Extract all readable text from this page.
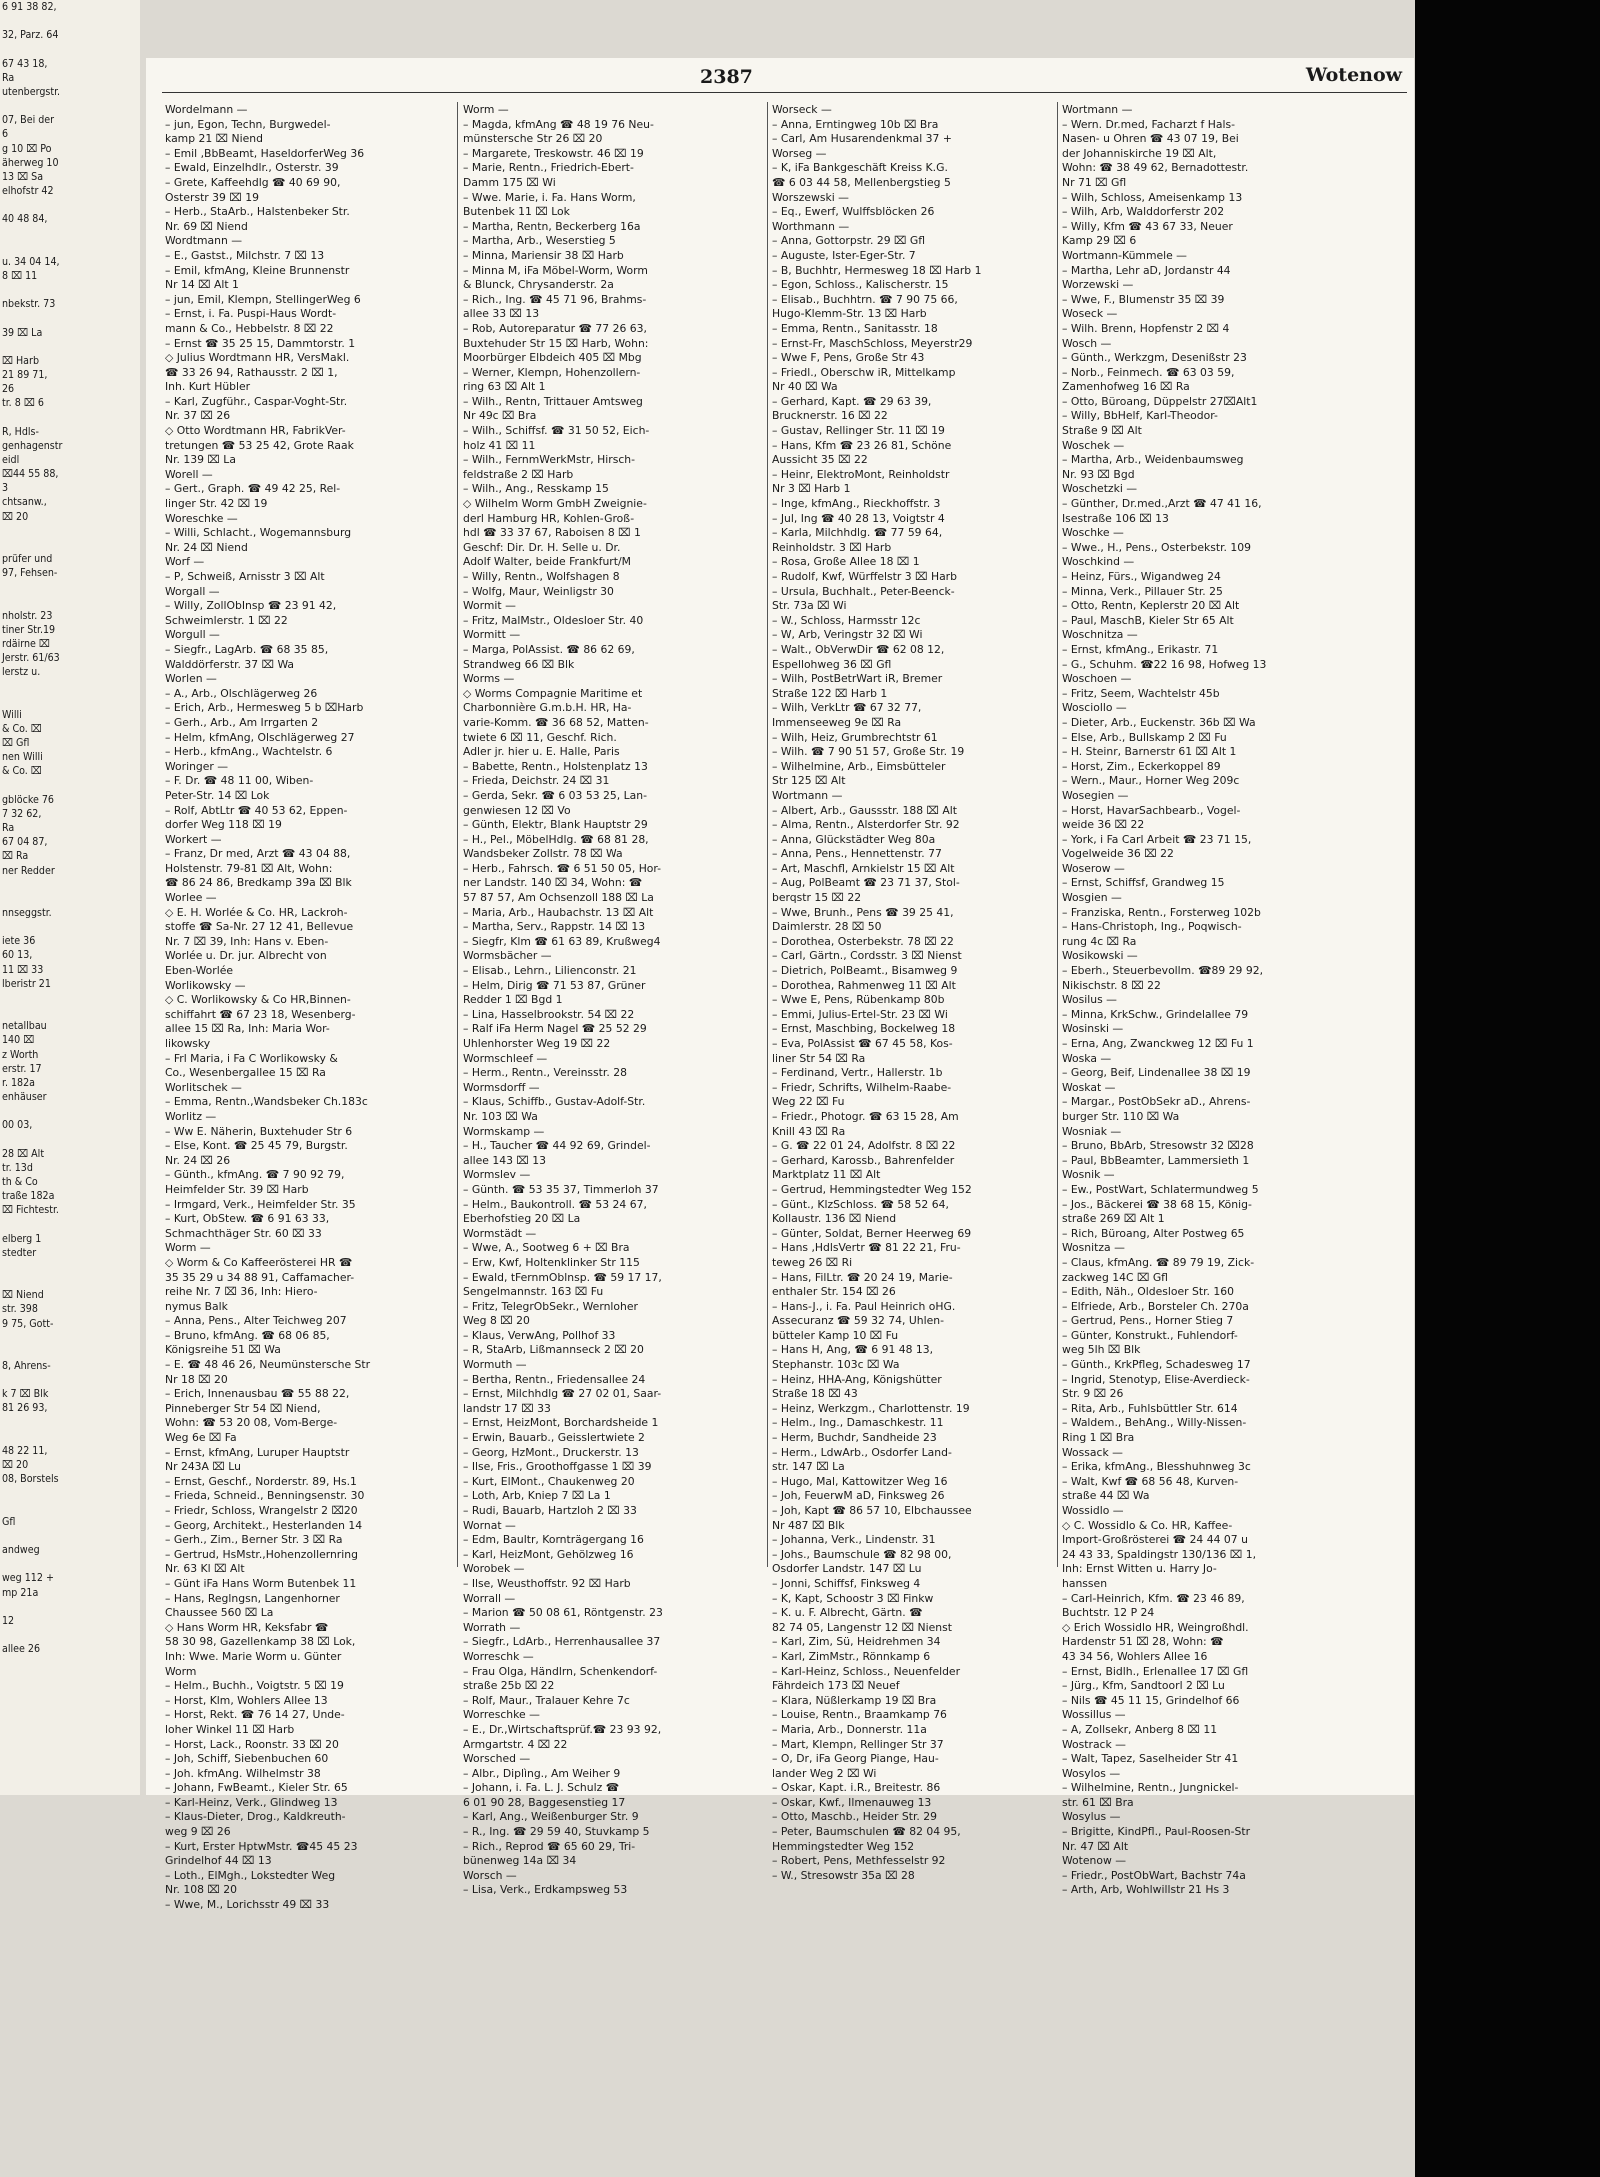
6 91 38 82,

32, Parz. 64

67 43 18,
Ra
utenbergstr.

07, Bei der
6
g 10 ⌧ Po
äherweg 10
13 ⌧ Sa
elhofstr 42

40 48 84,

u. 34 04 14,
8 ⌧ 11

nbekstr. 73

39 ⌧ La

⌧ Harb
21 89 71,
26
tr. 8 ⌧ 6

R, Hdls-
genhagenstr
eidl
⌧44 55 88,
3
chtsanw.,
⌧ 20

prüfer und
97, Fehsen-

nholstr. 23
tiner Str.19
rdäirne ⌧
Jerstr. 61/63
lerstz u.

Willi
& Co. ⌧
⌧ Gfl
nen Willi
& Co. ⌧

gblöcke 76
7 32 62,
Ra
67 04 87,
⌧ Ra
ner Redder

nnseggstr.

iete 36
60 13,
11 ⌧ 33
lberistr 21

netallbau
140 ⌧
z Worth
erstr. 17
r. 182a
enhäuser

00 03,

28 ⌧ Alt
tr. 13d
th & Co
traße 182a
⌧ Fichtestr.

elberg 1
stedter

⌧ Niend
str. 398
9 75, Gott-

8, Ahrens-

k 7 ⌧ Blk
81 26 93,

48 22 11,
⌧ 20
08, Borstels

Gfl

andweg

weg 112 +
mp 21a

12

allee 26
2387	Wotenow
Wordelmann —
– jun, Egon, Techn, Burgwedel-
kamp 21 ⌧ Niend
– Emil ,BbBeamt, HaseldorferWeg 36
– Ewald, Einzelhdlr., Osterstr. 39
– Grete, Kaffeehdlg ☎ 40 69 90,
Osterstr 39 ⌧ 19
– Herb., StaArb., Halstenbeker Str.
Nr. 69 ⌧ Niend
Wordtmann —
– E., Gastst., Milchstr. 7 ⌧ 13
– Emil, kfmAng, Kleine Brunnenstr
Nr 14 ⌧ Alt 1
– jun, Emil, Klempn, StellingerWeg 6
– Ernst, i. Fa. Puspi-Haus Wordt-
mann & Co., Hebbelstr. 8 ⌧ 22
– Ernst ☎ 35 25 15, Dammtorstr. 1
◇ Julius Wordtmann HR, VersMakl.
☎ 33 26 94, Rathausstr. 2 ⌧ 1,
Inh. Kurt Hübler
– Karl, Zugführ., Caspar-Voght-Str.
Nr. 37 ⌧ 26
◇ Otto Wordtmann HR, FabrikVer-
tretungen ☎ 53 25 42, Grote Raak
Nr. 139 ⌧ La
Worell —
– Gert., Graph. ☎ 49 42 25, Rel-
linger Str. 42 ⌧ 19
Woreschke —
– Willi, Schlacht., Wogemannsburg
Nr. 24 ⌧ Niend
Worf —
– P, Schweiß, Arnisstr 3 ⌧ Alt
Worgall —
– Willy, ZollObInsp ☎ 23 91 42,
Schweimlerstr. 1 ⌧ 22
Worgull —
– Siegfr., LagArb. ☎ 68 35 85,
Walddörferstr. 37 ⌧ Wa
Worlen —
– A., Arb., Olschlägerweg 26
– Erich, Arb., Hermesweg 5 b ⌧Harb
– Gerh., Arb., Am Irrgarten 2
– Helm, kfmAng, Olschlägerweg 27
– Herb., kfmAng., Wachtelstr. 6
Woringer —
– F. Dr. ☎ 48 11 00, Wiben-
Peter-Str. 14 ⌧ Lok
– Rolf, AbtLtr ☎ 40 53 62, Eppen-
dorfer Weg 118 ⌧ 19
Workert —
– Franz, Dr med, Arzt ☎ 43 04 88,
Holstenstr. 79-81 ⌧ Alt, Wohn:
☎ 86 24 86, Bredkamp 39a ⌧ Blk
Worlee —
◇ E. H. Worlée & Co. HR, Lackroh-
stoffe ☎ Sa-Nr. 27 12 41, Bellevue
Nr. 7 ⌧ 39, Inh: Hans v. Eben-
Worlée u. Dr. jur. Albrecht von
Eben-Worlée
Worlikowsky —
◇ C. Worlikowsky & Co HR,Binnen-
schiffahrt ☎ 67 23 18, Wesenberg-
allee 15 ⌧ Ra, Inh: Maria Wor-
likowsky
– Frl Maria, i Fa C Worlikowsky &
Co., Wesenbergallee 15 ⌧ Ra
Worlitschek —
– Emma, Rentn.,Wandsbeker Ch.183c
Worlitz —
– Ww E. Näherin, Buxtehuder Str 6
– Else, Kont. ☎ 25 45 79, Burgstr.
Nr. 24 ⌧ 26
– Günth., kfmAng. ☎ 7 90 92 79,
Heimfelder Str. 39 ⌧ Harb
– Irmgard, Verk., Heimfelder Str. 35
– Kurt, ObStew. ☎ 6 91 63 33,
Schmachthäger Str. 60 ⌧ 33
Worm —
◇ Worm & Co Kaffeerösterei HR ☎
35 35 29 u 34 88 91, Caffamacher-
reihe Nr. 7 ⌧ 36, Inh: Hiero-
nymus Balk
– Anna, Pens., Alter Teichweg 207
– Bruno, kfmAng. ☎ 68 06 85,
Königsreihe 51 ⌧ Wa
– E. ☎ 48 46 26, Neumünstersche Str
Nr 18 ⌧ 20
– Erich, Innenausbau ☎ 55 88 22,
Pinneberger Str 54 ⌧ Niend,
Wohn: ☎ 53 20 08, Vom-Berge-
Weg 6e ⌧ Fa
– Ernst, kfmAng, Luruper Hauptstr
Nr 243A ⌧ Lu
– Ernst, Geschf., Norderstr. 89, Hs.1
– Frieda, Schneid., Benningsenstr. 30
– Friedr, Schloss, Wrangelstr 2 ⌧20
– Georg, Architekt., Hesterlanden 14
– Gerh., Zim., Berner Str. 3 ⌧ Ra
– Gertrud, HsMstr.,Hohenzollernring
Nr. 63 Kl ⌧ Alt
– Günt iFa Hans Worm Butenbek 11
– Hans, Reglngsn, Langenhorner
Chaussee 560 ⌧ La
◇ Hans Worm HR, Keksfabr ☎
58 30 98, Gazellenkamp 38 ⌧ Lok,
Inh: Wwe. Marie Worm u. Günter
Worm
– Helm., Buchh., Voigtstr. 5 ⌧ 19
– Horst, Klm, Wohlers Allee 13
– Horst, Rekt. ☎ 76 14 27, Unde-
loher Winkel 11 ⌧ Harb
– Horst, Lack., Roonstr. 33 ⌧ 20
– Joh, Schiff, Siebenbuchen 60
– Joh. kfmAng. Wilhelmstr 38
– Johann, FwBeamt., Kieler Str. 65
– Karl-Heinz, Verk., Glindweg 13
– Klaus-Dieter, Drog., Kaldkreuth-
weg 9 ⌧ 26
– Kurt, Erster HptwMstr. ☎45 45 23
Grindelhof 44 ⌧ 13
– Loth., ElMgh., Lokstedter Weg
Nr. 108 ⌧ 20
– Wwe, M., Lorichsstr 49 ⌧ 33
Worm —
– Magda, kfmAng ☎ 48 19 76 Neu-
münstersche Str 26 ⌧ 20
– Margarete, Treskowstr. 46 ⌧ 19
– Marie, Rentn., Friedrich-Ebert-
Damm 175 ⌧ Wi
– Wwe. Marie, i. Fa. Hans Worm,
Butenbek 11 ⌧ Lok
– Martha, Rentn, Beckerberg 16a
– Martha, Arb., Weserstieg 5
– Minna, Mariensir 38 ⌧ Harb
– Minna M, iFa Möbel-Worm, Worm
& Blunck, Chrysanderstr. 2a
– Rich., Ing. ☎ 45 71 96, Brahms-
allee 33 ⌧ 13
– Rob, Autoreparatur ☎ 77 26 63,
Buxtehuder Str 15 ⌧ Harb, Wohn:
Moorbürger Elbdeich 405 ⌧ Mbg
– Werner, Klempn, Hohenzollern-
ring 63 ⌧ Alt 1
– Wilh., Rentn, Trittauer Amtsweg
Nr 49c ⌧ Bra
– Wilh., Schiffsf. ☎ 31 50 52, Eich-
holz 41 ⌧ 11
– Wilh., FernmWerkMstr, Hirsch-
feldstraße 2 ⌧ Harb
– Wilh., Ang., Resskamp 15
◇ Wilhelm Worm GmbH Zweignie-
derl Hamburg HR, Kohlen-Groß-
hdl ☎ 33 37 67, Raboisen 8 ⌧ 1
Geschf: Dir. Dr. H. Selle u. Dr.
Adolf Walter, beide Frankfurt/M
– Willy, Rentn., Wolfshagen 8
– Wolfg, Maur, Weinligstr 30
Wormit —
– Fritz, MalMstr., Oldesloer Str. 40
Wormitt —
– Marga, PolAssist. ☎ 86 62 69,
Strandweg 66 ⌧ Blk
Worms —
◇ Worms Compagnie Maritime et
Charbonnière G.m.b.H. HR, Ha-
varie-Komm. ☎ 36 68 52, Matten-
twiete 6 ⌧ 11, Geschf. Rich.
Adler jr. hier u. E. Halle, Paris
– Babette, Rentn., Holstenplatz 13
– Frieda, Deichstr. 24 ⌧ 31
– Gerda, Sekr. ☎ 6 03 53 25, Lan-
genwiesen 12 ⌧ Vo
– Günth, Elektr, Blank Hauptstr 29
– H., Pel., MöbelHdlg. ☎ 68 81 28,
Wandsbeker Zollstr. 78 ⌧ Wa
– Herb., Fahrsch. ☎ 6 51 50 05, Hor-
ner Landstr. 140 ⌧ 34, Wohn: ☎
57 87 57, Am Ochsenzoll 188 ⌧ La
– Maria, Arb., Haubachstr. 13 ⌧ Alt
– Martha, Serv., Rappstr. 14 ⌧ 13
– Siegfr, Klm ☎ 61 63 89, Krußweg4
Wormsbächer —
– Elisab., Lehrn., Lilienconstr. 21
– Helm, Dirig ☎ 71 53 87, Grüner
Redder 1 ⌧ Bgd 1
– Lina, Hasselbrookstr. 54 ⌧ 22
– Ralf iFa Herm Nagel ☎ 25 52 29
Uhlenhorster Weg 19 ⌧ 22
Wormschleef —
– Herm., Rentn., Vereinsstr. 28
Wormsdorff —
– Klaus, Schiffb., Gustav-Adolf-Str.
Nr. 103 ⌧ Wa
Wormskamp —
– H., Taucher ☎ 44 92 69, Grindel-
allee 143 ⌧ 13
Wormslev —
– Günth. ☎ 53 35 37, Timmerloh 37
– Helm., Baukontroll. ☎ 53 24 67,
Eberhofstieg 20 ⌧ La
Wormstädt —
– Wwe, A., Sootweg 6 + ⌧ Bra
– Erw, Kwf, Holtenklinker Str 115
– Ewald, tFernmOblnsp. ☎ 59 17 17,
Sengelmannstr. 163 ⌧ Fu
– Fritz, TelegrObSekr., Wernloher
Weg 8 ⌧ 20
– Klaus, VerwAng, Pollhof 33
– R, StaArb, Lißmannseck 2 ⌧ 20
Wormuth —
– Bertha, Rentn., Friedensallee 24
– Ernst, Milchhdlg ☎ 27 02 01, Saar-
landstr 17 ⌧ 33
– Ernst, HeizMont, Borchardsheide 1
– Erwin, Bauarb., Geisslertwiete 2
– Georg, HzMont., Druckerstr. 13
– Ilse, Fris., Groothoffgasse 1 ⌧ 39
– Kurt, ElMont., Chaukenweg 20
– Loth, Arb, Kniep 7 ⌧ La 1
– Rudi, Bauarb, Hartzloh 2 ⌧ 33
Wornat —
– Edm, Baultr, Kornträgergang 16
– Karl, HeizMont, Gehölzweg 16
Worobek —
– Ilse, Weusthoffstr. 92 ⌧ Harb
Worrall —
– Marion ☎ 50 08 61, Röntgenstr. 23
Worrath —
– Siegfr., LdArb., Herrenhausallee 37
Worreschk —
– Frau Olga, Händlrn, Schenkendorf-
straße 25b ⌧ 22
– Rolf, Maur., Tralauer Kehre 7c
Worreschke —
– E., Dr.,Wirtschaftsprüf.☎ 23 93 92,
Armgartstr. 4 ⌧ 22
Worsched —
– Albr., Diplìng., Am Weiher 9
– Johann, i. Fa. L. J. Schulz ☎
6 01 90 28, Baggesenstieg 17
– Karl, Ang., Weißenburger Str. 9
– R., Ing. ☎ 29 59 40, Stuvkamp 5
– Rich., Reprod ☎ 65 60 29, Tri-
bünenweg 14a ⌧ 34
Worsch —
– Lisa, Verk., Erdkampsweg 53
Worseck —
– Anna, Erntingweg 10b ⌧ Bra
– Carl, Am Husarendenkmal 37 +
Worseg —
– K, iFa Bankgeschäft Kreiss K.G.
☎ 6 03 44 58, Mellenbergstieg 5
Worszewski —
– Eq., Ewerf, Wulffsblöcken 26
Worthmann —
– Anna, Gottorpstr. 29 ⌧ Gfl
– Auguste, Ister-Eger-Str. 7
– B, Buchhtr, Hermesweg 18 ⌧ Harb 1
– Egon, Schloss., Kalischerstr. 15
– Elisab., Buchhtrn. ☎ 7 90 75 66,
Hugo-Klemm-Str. 13 ⌧ Harb
– Emma, Rentn., Sanitasstr. 18
– Ernst-Fr, MaschSchloss, Meyerstr29
– Wwe F, Pens, Große Str 43
– Friedl., Oberschw iR, Mittelkamp
Nr 40 ⌧ Wa
– Gerhard, Kapt. ☎ 29 63 39,
Brucknerstr. 16 ⌧ 22
– Gustav, Rellinger Str. 11 ⌧ 19
– Hans, Kfm ☎ 23 26 81, Schöne
Aussicht 35 ⌧ 22
– Heinr, ElektroMont, Reinholdstr
Nr 3 ⌧ Harb 1
– Inge, kfmAng., Rieckhoffstr. 3
– Jul, Ing ☎ 40 28 13, Voigtstr 4
– Karla, Milchhdlg. ☎ 77 59 64,
Reinholdstr. 3 ⌧ Harb
– Rosa, Große Allee 18 ⌧ 1
– Rudolf, Kwf, Würffelstr 3 ⌧ Harb
– Ursula, Buchhalt., Peter-Beenck-
Str. 73a ⌧ Wi
– W., Schloss, Harmsstr 12c
– W, Arb, Veringstr 32 ⌧ Wi
– Walt., ObVerwDir ☎ 62 08 12,
Espellohweg 36 ⌧ Gfl
– Wilh, PostBetrWart iR, Bremer
Straße 122 ⌧ Harb 1
– Wilh, VerkLtr ☎ 67 32 77,
Immenseeweg 9e ⌧ Ra
– Wilh, Heiz, Grumbrechtstr 61
– Wilh. ☎ 7 90 51 57, Große Str. 19
– Wilhelmine, Arb., Eimsbütteler
Str 125 ⌧ Alt
Wortmann —
– Albert, Arb., Gaussstr. 188 ⌧ Alt
– Alma, Rentn., Alsterdorfer Str. 92
– Anna, Glückstädter Weg 80a
– Anna, Pens., Hennettenstr. 77
– Art, Maschfl, Arnkielstr 15 ⌧ Alt
– Aug, PolBeamt ☎ 23 71 37, Stol-
berqstr 15 ⌧ 22
– Wwe, Brunh., Pens ☎ 39 25 41,
Daimlerstr. 28 ⌧ 50
– Dorothea, Osterbekstr. 78 ⌧ 22
– Carl, Gärtn., Cordsstr. 3 ⌧ Nienst
– Dietrich, PolBeamt., Bisamweg 9
– Dorothea, Rahmenweg 11 ⌧ Alt
– Wwe E, Pens, Rübenkamp 80b
– Emmi, Julius-Ertel-Str. 23 ⌧ Wi
– Ernst, Maschbing, Bockelweg 18
– Eva, PolAssist ☎ 67 45 58, Kos-
liner Str 54 ⌧ Ra
– Ferdinand, Vertr., Hallerstr. 1b
– Friedr, Schrifts, Wilhelm-Raabe-
Weg 22 ⌧ Fu
– Friedr., Photogr. ☎ 63 15 28, Am
Knill 43 ⌧ Ra
– G. ☎ 22 01 24, Adolfstr. 8 ⌧ 22
– Gerhard, Karossb., Bahrenfelder
Marktplatz 11 ⌧ Alt
– Gertrud, Hemmingstedter Weg 152
– Günt., KlzSchloss. ☎ 58 52 64,
Kollaustr. 136 ⌧ Niend
– Günter, Soldat, Berner Heerweg 69
– Hans ,HdlsVertr ☎ 81 22 21, Fru-
teweg 26 ⌧ Ri
– Hans, FilLtr. ☎ 20 24 19, Marie-
enthaler Str. 154 ⌧ 26
– Hans-J., i. Fa. Paul Heinrich oHG.
Assecuranz ☎ 59 32 74, Uhlen-
bütteler Kamp 10 ⌧ Fu
– Hans H, Ang, ☎ 6 91 48 13,
Stephanstr. 103c ⌧ Wa
– Heinz, HHA-Ang, Königshütter
Straße 18 ⌧ 43
– Heinz, Werkzgm., Charlottenstr. 19
– Helm., Ing., Damaschkestr. 11
– Herm, Buchdr, Sandheide 23
– Herm., LdwArb., Osdorfer Land-
str. 147 ⌧ La
– Hugo, Mal, Kattowitzer Weg 16
– Joh, FeuerwM aD, Finksweg 26
– Joh, Kapt ☎ 86 57 10, Elbchaussee
Nr 487 ⌧ Blk
– Johanna, Verk., Lindenstr. 31
– Johs., Baumschule ☎ 82 98 00,
Osdorfer Landstr. 147 ⌧ Lu
– Jonni, Schiffsf, Finksweg 4
– K, Kapt, Schoostr 3 ⌧ Finkw
– K. u. F. Albrecht, Gärtn. ☎
82 74 05, Langenstr 12 ⌧ Nienst
– Karl, Zim, Sü, Heidrehmen 34
– Karl, ZimMstr., Rönnkamp 6
– Karl-Heinz, Schloss., Neuenfelder
Fährdeich 173 ⌧ Neuef
– Klara, Nüßlerkamp 19 ⌧ Bra
– Louise, Rentn., Braamkamp 76
– Maria, Arb., Donnerstr. 11a
– Mart, Klempn, Rellinger Str 37
– O, Dr, iFa Georg Piange, Hau-
lander Weg 2 ⌧ Wi
– Oskar, Kapt. i.R., Breitestr. 86
– Oskar, Kwf., Ilmenauweg 13
– Otto, Maschb., Heider Str. 29
– Peter, Baumschulen ☎ 82 04 95,
Hemmingstedter Weg 152
– Robert, Pens, Methfesselstr 92
– W., Stresowstr 35a ⌧ 28
Wortmann —
– Wern. Dr.med, Facharzt f Hals-
Nasen- u Ohren ☎ 43 07 19, Bei
der Johanniskirche 19 ⌧ Alt,
Wohn: ☎ 38 49 62, Bernadottestr.
Nr 71 ⌧ Gfl
– Wilh, Schloss, Ameisenkamp 13
– Wilh, Arb, Walddorferstr 202
– Willy, Kfm ☎ 43 67 33, Neuer
Kamp 29 ⌧ 6
Wortmann-Kümmele —
– Martha, Lehr aD, Jordanstr 44
Worzewski —
– Wwe, F., Blumenstr 35 ⌧ 39
Woseck —
– Wilh. Brenn, Hopfenstr 2 ⌧ 4
Wosch —
– Günth., Werkzgm, Desenißstr 23
– Norb., Feinmech. ☎ 63 03 59,
Zamenhofweg 16 ⌧ Ra
– Otto, Büroang, Düppelstr 27⌧Alt1
– Willy, BbHelf, Karl-Theodor-
Straße 9 ⌧ Alt
Woschek —
– Martha, Arb., Weidenbaumsweg
Nr. 93 ⌧ Bgd
Woschetzki —
– Günther, Dr.med.,Arzt ☎ 47 41 16,
Isestraße 106 ⌧ 13
Woschke —
– Wwe., H., Pens., Osterbekstr. 109
Woschkind —
– Heinz, Fürs., Wigandweg 24
– Minna, Verk., Pillauer Str. 25
– Otto, Rentn, Keplerstr 20 ⌧ Alt
– Paul, MaschB, Kieler Str 65 Alt
Woschnitza —
– Ernst, kfmAng., Erikastr. 71
– G., Schuhm. ☎22 16 98, Hofweg 13
Woschoen —
– Fritz, Seem, Wachtelstr 45b
Wosciollo —
– Dieter, Arb., Euckenstr. 36b ⌧ Wa
– Else, Arb., Bullskamp 2 ⌧ Fu
– H. Steinr, Barnerstr 61 ⌧ Alt 1
– Horst, Zim., Eckerkoppel 89
– Wern., Maur., Horner Weg 209c
Wosegien —
– Horst, HavarSachbearb., Vogel-
weide 36 ⌧ 22
– York, i Fa Carl Arbeit ☎ 23 71 15,
Vogelweide 36 ⌧ 22
Woserow —
– Ernst, Schiffsf, Grandweg 15
Wosgien —
– Franziska, Rentn., Forsterweg 102b
– Hans-Christoph, Ing., Poqwisch-
rung 4c ⌧ Ra
Wosikowski —
– Eberh., Steuerbevollm. ☎89 29 92,
Nikischstr. 8 ⌧ 22
Wosilus —
– Minna, KrkSchw., Grindelallee 79
Wosinski —
– Erna, Ang, Zwanckweg 12 ⌧ Fu 1
Woska —
– Georg, Beif, Lindenallee 38 ⌧ 19
Woskat —
– Margar., PostObSekr aD., Ahrens-
burger Str. 110 ⌧ Wa
Wosniak —
– Bruno, BbArb, Stresowstr 32 ⌧28
– Paul, BbBeamter, Lammersieth 1
Wosnik —
– Ew., PostWart, Schlatermundweg 5
– Jos., Bäckerei ☎ 38 68 15, König-
straße 269 ⌧ Alt 1
– Rich, Büroang, Alter Postweg 65
Wosnitza —
– Claus, kfmAng. ☎ 89 79 19, Zick-
zackweg 14C ⌧ Gfl
– Edith, Näh., Oldesloer Str. 160
– Elfriede, Arb., Borsteler Ch. 270a
– Gertrud, Pens., Horner Stieg 7
– Günter, Konstrukt., Fuhlendorf-
weg 5lh ⌧ Blk
– Günth., KrkPfleg, Schadesweg 17
– Ingrid, Stenotyp, Elise-Averdieck-
Str. 9 ⌧ 26
– Rita, Arb., Fuhlsbüttler Str. 614
– Waldem., BehAng., Willy-Nissen-
Ring 1 ⌧ Bra
Wossack —
– Erika, kfmAng., Blesshuhnweg 3c
– Walt, Kwf ☎ 68 56 48, Kurven-
straße 44 ⌧ Wa
Wossidlo —
◇ C. Wossidlo & Co. HR, Kaffee-
Import-Großrösterei ☎ 24 44 07 u
24 43 33, Spaldingstr 130/136 ⌧ 1,
Inh: Ernst Witten u. Harry Jo-
hanssen
– Carl-Heinrich, Kfm. ☎ 23 46 89,
Buchtstr. 12 P 24
◇ Erich Wossidlo HR, Weingroßhdl.
Hardenstr 51 ⌧ 28, Wohn: ☎
43 34 56, Wohlers Allee 16
– Ernst, Bidlh., Erlenallee 17 ⌧ Gfl
– Jürg., Kfm, Sandtoorl 2 ⌧ Lu
– Nils ☎ 45 11 15, Grindelhof 66
Wossillus —
– A, Zollsekr, Anberg 8 ⌧ 11
Wostrack —
– Walt, Tapez, Saselheider Str 41
Wosylos —
– Wilhelmine, Rentn., Jungnickel-
str. 61 ⌧ Bra
Wosylus —
– Brigitte, KindPfl., Paul-Roosen-Str
Nr. 47 ⌧ Alt
Wotenow —
– Friedr., PostObWart, Bachstr 74a
– Arth, Arb, Wohlwillstr 21 Hs 3
